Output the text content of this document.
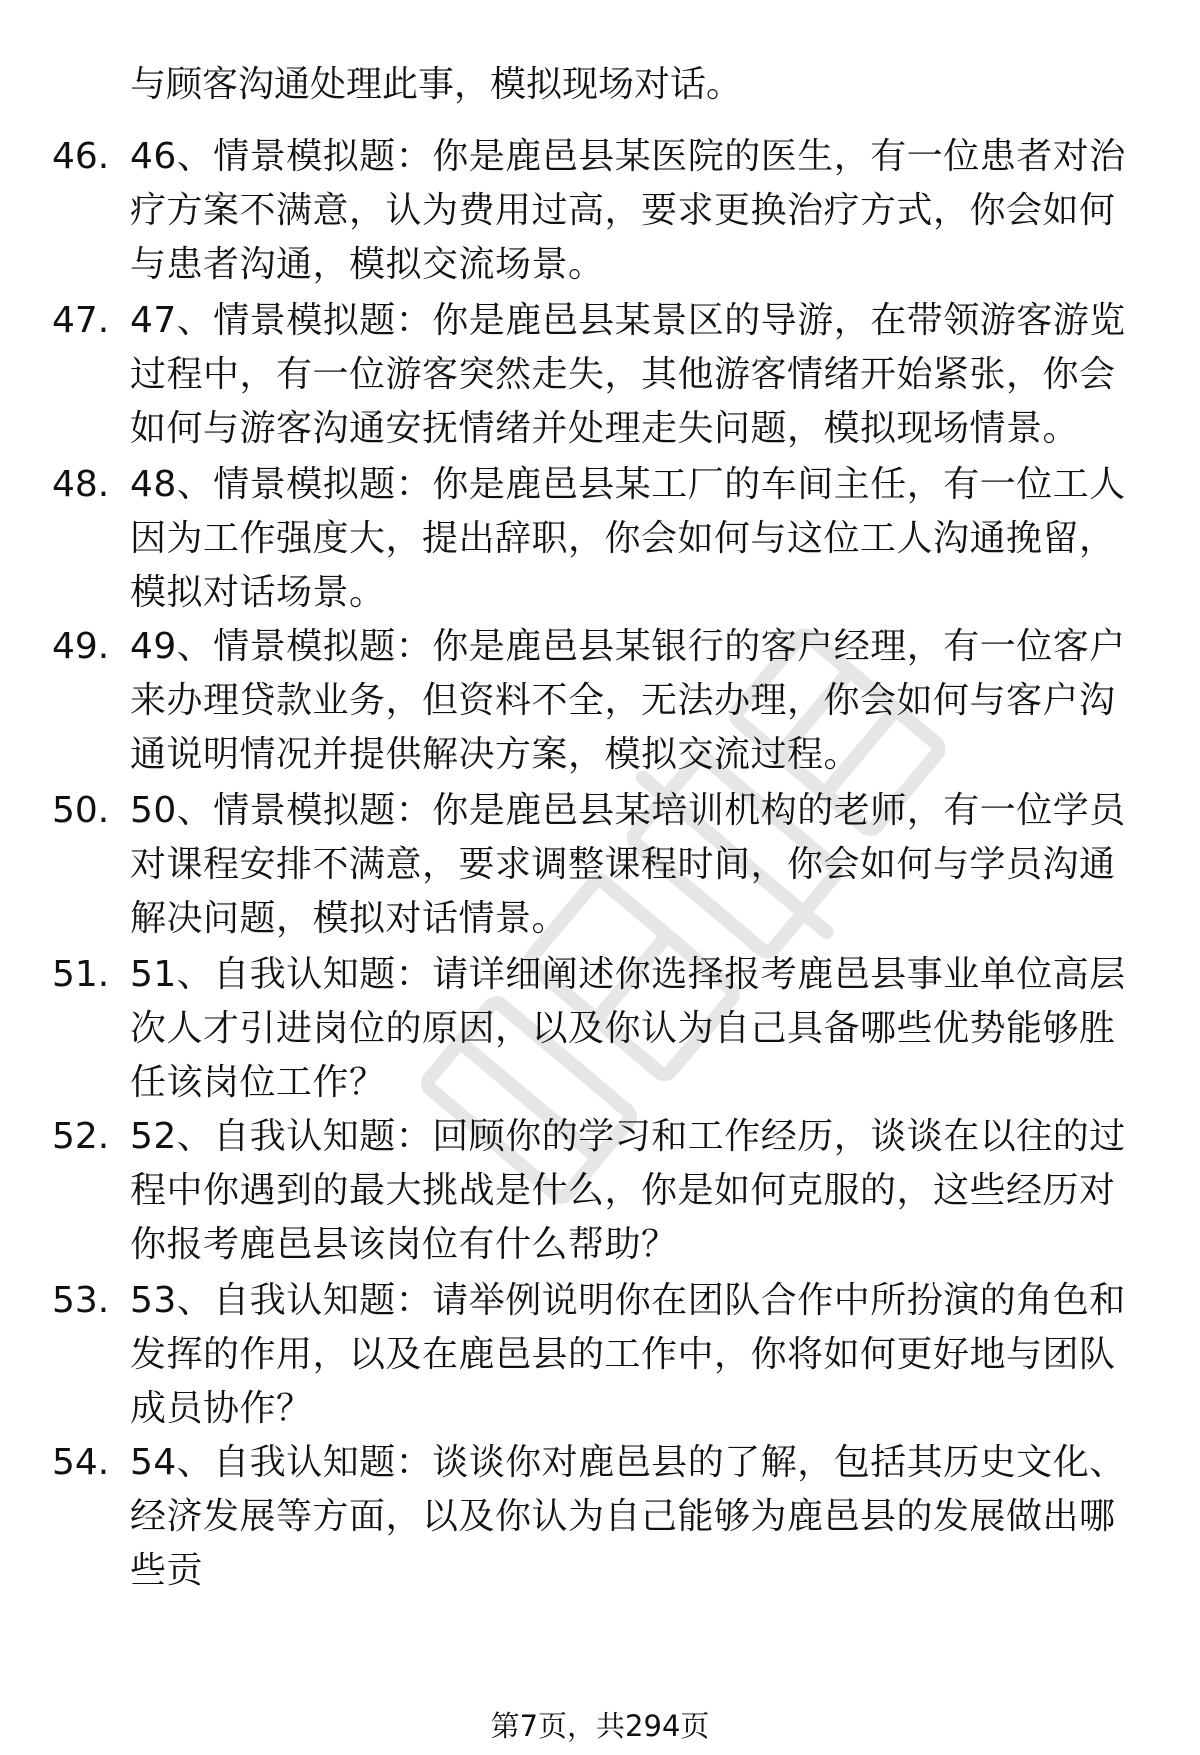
与顾客沟通处理此事，模拟现场对话。

46. 46、情景模拟题：你是鹿邑县某医院的医生，有一位患者对治疗方案不满意，认为费用过高，要求更换治疗方式，你会如何与患者沟通，模拟交流场景。

47. 47、情景模拟题：你是鹿邑县某景区的导游，在带领游客游览过程中，有一位游客突然走失，其他游客情绪开始紧张，你会如何与游客沟通安抚情绪并处理走失问题，模拟现场情景。

48. 48、情景模拟题：你是鹿邑县某工厂的车间主任，有一位工人因为工作强度大，提出辞职，你会如何与这位工人沟通挽留，模拟对话场景。

49. 49、情景模拟题：你是鹿邑县某银行的客户经理，有一位客户来办理贷款业务，但资料不全，无法办理，你会如何与客户沟通说明情况并提供解决方案，模拟交流过程。

50. 50、情景模拟题：你是鹿邑县某培训机构的老师，有一位学员对课程安排不满意，要求调整课程时间，你会如何与学员沟通解决问题，模拟对话情景。

51. 51、自我认知题：请详细阐述你选择报考鹿邑县事业单位高层次人才引进岗位的原因，以及你认为自己具备哪些优势能够胜任该岗位工作？

52. 52、自我认知题：回顾你的学习和工作经历，谈谈在以往的过程中你遇到的最大挑战是什么，你是如何克服的，这些经历对你报考鹿邑县该岗位有什么帮助？

53. 53、自我认知题：请举例说明你在团队合作中所扮演的角色和发挥的作用，以及在鹿邑县的工作中，你将如何更好地与团队成员协作？

54. 54、自我认知题：谈谈你对鹿邑县的了解，包括其历史文化、经济发展等方面，以及你认为自己能够为鹿邑县的发展做出哪些贡

第7页，共294页
